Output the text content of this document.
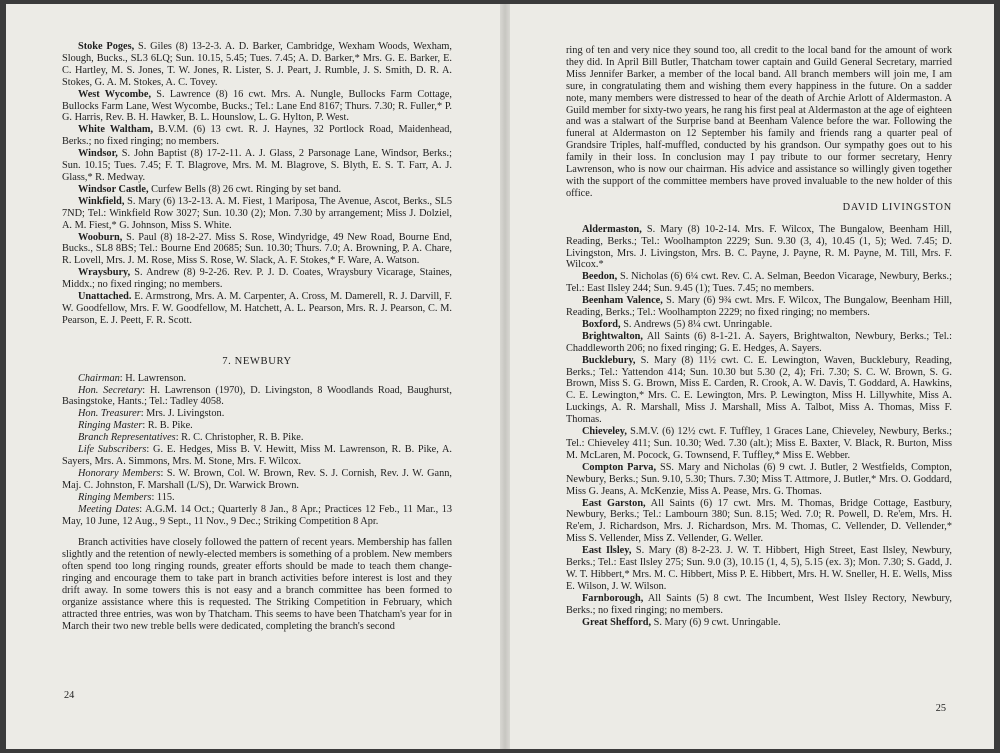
Stoke Poges, S. Giles (8) 13-2-3. A. D. Barker, Cambridge, Wexham Woods, Wexham, Slough, Bucks., SL3 6LQ; Sun. 10.15, 5.45; Tues. 7.45; A. D. Barker,* Mrs. G. E. Barker, E. C. Hartley, M. S. Jones, T. W. Jones, R. Lister, S. J. Peart, J. Rumble, J. S. Smith, D. R. A. Stokes, G. A. M. Stokes, A. C. Tovey.

West Wycombe, S. Lawrence (8) 16 cwt. Mrs. A. Nungle, Bullocks Farm Cottage, Bullocks Farm Lane, West Wycombe, Bucks.; Tel.: Lane End 8167; Thurs. 7.30; R. Fuller,* P. G. Harris, Rev. B. H. Hawker, B. L. Hounslow, L. G. Hylton, P. West.

White Waltham, B.V.M. (6) 13 cwt. R. J. Haynes, 32 Portlock Road, Maidenhead, Berks.; no fixed ringing; no members.

Windsor, S. John Baptist (8) 17-2-11. A. J. Glass, 2 Parsonage Lane, Windsor, Berks.; Sun. 10.15; Tues. 7.45; F. T. Blagrove, Mrs. M. M. Blagrove, S. Blyth, E. S. T. Farr, A. J. Glass,* R. Medway.

Windsor Castle, Curfew Bells (8) 26 cwt. Ringing by set band.

Winkfield, S. Mary (6) 13-2-13. A. M. Fiest, 1 Mariposa, The Avenue, Ascot, Berks., SL5 7ND; Tel.: Winkfield Row 3027; Sun. 10.30 (2); Mon. 7.30 by arrangement; Miss J. Dolziel, A. M. Fiest,* G. Johnson, Miss S. White.

Wooburn, S. Paul (8) 18-2-27. Miss S. Rose, Windyridge, 49 New Road, Bourne End, Bucks., SL8 8BS; Tel.: Bourne End 20685; Sun. 10.30; Thurs. 7.0; A. Browning, P. A. Chare, R. Lovell, Mrs. J. M. Rose, Miss S. Rose, W. Slack, A. F. Stokes,* F. Ware, A. Watson.

Wraysbury, S. Andrew (8) 9-2-26. Rev. P. J. D. Coates, Wraysbury Vicarage, Staines, Middx.; no fixed ringing; no members.

Unattached. E. Armstrong, Mrs. A. M. Carpenter, A. Cross, M. Damerell, R. J. Darvill, F. W. Goodfellow, Mrs. F. W. Goodfellow, M. Hatchett, A. L. Pearson, Mrs. R. J. Pearson, C. M. Pearson, E. J. Peett, F. R. Scott.

7. NEWBURY

Chairman: H. Lawrenson.

Hon. Secretary: H. Lawrenson (1970), D. Livingston, 8 Woodlands Road, Baughurst, Basingstoke, Hants.; Tel.: Tadley 4058.

Hon. Treasurer: Mrs. J. Livingston.

Ringing Master: R. B. Pike.

Branch Representatives: R. C. Christopher, R. B. Pike.

Life Subscribers: G. E. Hedges, Miss B. V. Hewitt, Miss M. Lawrenson, R. B. Pike, A. Sayers, Mrs. A. Simmons, Mrs. M. Stone, Mrs. F. Wilcox.

Honorary Members: S. W. Brown, Col. W. Brown, Rev. S. J. Cornish, Rev. J. W. Gann, Maj. C. Johnston, F. Marshall (L/S), Dr. Warwick Brown.

Ringing Members: 115.

Meeting Dates: A.G.M. 14 Oct.; Quarterly 8 Jan., 8 Apr.; Practices 12 Feb., 11 Mar., 13 May, 10 June, 12 Aug., 9 Sept., 11 Nov., 9 Dec.; Striking Competition 8 Apr.

Branch activities have closely followed the pattern of recent years. Membership has fallen slightly and the retention of newly-elected members is something of a problem. New members often spend too long ringing rounds, greater efforts should be made to teach them change-ringing and encourage them to take part in branch activities before interest is lost and they drift away. In some towers this is not easy and a branch committee has been formed to organize assistance where this is requested. The Striking Competition in February, which attracted three entries, was won by Thatcham. This seems to have been Thatcham's year for in March their two new treble bells were dedicated, completing the branch's second

24

ring of ten and very nice they sound too, all credit to the local band for the amount of work they did. In April Bill Butler, Thatcham tower captain and Guild General Secretary, married Miss Jennifer Barker, a member of the local band. All branch members will join me, I am sure, in congratulating them and wishing them every happiness in the future. On a sadder note, many members were distressed to hear of the death of Archie Arlott of Aldermaston. A Guild member for sixty-two years, he rang his first peal at Aldermaston at the age of eighteen and was a stalwart of the Surprise band at Beenham Valence before the war. Following the funeral at Aldermaston on 12 September his family and friends rang a quarter peal of Grandsire Triples, half-muffled, conducted by his grandson. Our sympathy goes out to his family in their loss. In conclusion may I pay tribute to our former secretary, Henry Lawrenson, who is now our chairman. His advice and assistance so willingly given together with the support of the committee members have proved invaluable to the new holder of this office.

DAVID LIVINGSTON

Aldermaston, S. Mary (8) 10-2-14. Mrs. F. Wilcox, The Bungalow, Beenham Hill, Reading, Berks.; Tel.: Woolhampton 2229; Sun. 9.30 (3, 4), 10.45 (1, 5); Wed. 7.45; D. Livingston, Mrs. J. Livingston, Mrs. B. C. Payne, J. Payne, R. M. Payne, M. Till, Mrs. F. Wilcox.*

Beedon, S. Nicholas (6) 6¼ cwt. Rev. C. A. Selman, Beedon Vicarage, Newbury, Berks.; Tel.: East Ilsley 244; Sun. 9.45 (1); Tues. 7.45; no members.

Beenham Valence, S. Mary (6) 9¾ cwt. Mrs. F. Wilcox, The Bungalow, Beenham Hill, Reading, Berks.; Tel.: Woolhampton 2229; no fixed ringing; no members.

Boxford, S. Andrews (5) 8¼ cwt. Unringable.

Brightwalton, All Saints (6) 8-1-21. A. Sayers, Brightwalton, Newbury, Berks.; Tel.: Chaddleworth 206; no fixed ringing; G. E. Hedges, A. Sayers.

Bucklebury, S. Mary (8) 11½ cwt. C. E. Lewington, Waven, Bucklebury, Reading, Berks.; Tel.: Yattendon 414; Sun. 10.30 but 5.30 (2, 4); Fri. 7.30; S. C. W. Brown, S. G. Brown, Miss S. G. Brown, Miss E. Carden, R. Crook, A. W. Davis, T. Goddard, A. Hawkins, C. E. Lewington,* Mrs. C. E. Lewington, Mrs. P. Lewington, Miss H. Lillywhite, Miss A. Luckings, A. R. Marshall, Miss J. Marshall, Miss A. Talbot, Miss A. Thomas, Miss F. Thomas.

Chieveley, S.M.V. (6) 12½ cwt. F. Tuffley, 1 Graces Lane, Chieveley, Newbury, Berks.; Tel.: Chieveley 411; Sun. 10.30; Wed. 7.30 (alt.); Miss E. Baxter, V. Black, R. Burton, Miss M. McLaren, M. Pocock, G. Townsend, F. Tuffley,* Miss E. Webber.

Compton Parva, SS. Mary and Nicholas (6) 9 cwt. J. Butler, 2 Westfields, Compton, Newbury, Berks.; Sun. 9.10, 5.30; Thurs. 7.30; Miss T. Attmore, J. Butler,* Mrs. O. Goddard, Miss G. Jeans, A. McKenzie, Miss A. Pease, Mrs. G. Thomas.

East Garston, All Saints (6) 17 cwt. Mrs. M. Thomas, Bridge Cottage, Eastbury, Newbury, Berks.; Tel.: Lambourn 380; Sun. 8.15; Wed. 7.0; R. Powell, D. Re'em, Mrs. H. Re'em, J. Richardson, Mrs. J. Richardson, Mrs. M. Thomas, C. Vellender, D. Vellender,* Miss S. Vellender, Miss Z. Vellender, G. Weller.

East Ilsley, S. Mary (8) 8-2-23. J. W. T. Hibbert, High Street, East Ilsley, Newbury, Berks.; Tel.: East Ilsley 275; Sun. 9.0 (3), 10.15 (1, 4, 5), 5.15 (ex. 3); Mon. 7.30; S. Gadd, J. W. T. Hibbert,* Mrs. M. C. Hibbert, Miss P. E. Hibbert, Mrs. H. W. Sneller, H. E. Wells, Miss E. Wilson, J. W. Wilson.

Farnborough, All Saints (5) 8 cwt. The Incumbent, West Ilsley Rectory, Newbury, Berks.; no fixed ringing; no members.

Great Shefford, S. Mary (6) 9 cwt. Unringable.

25
